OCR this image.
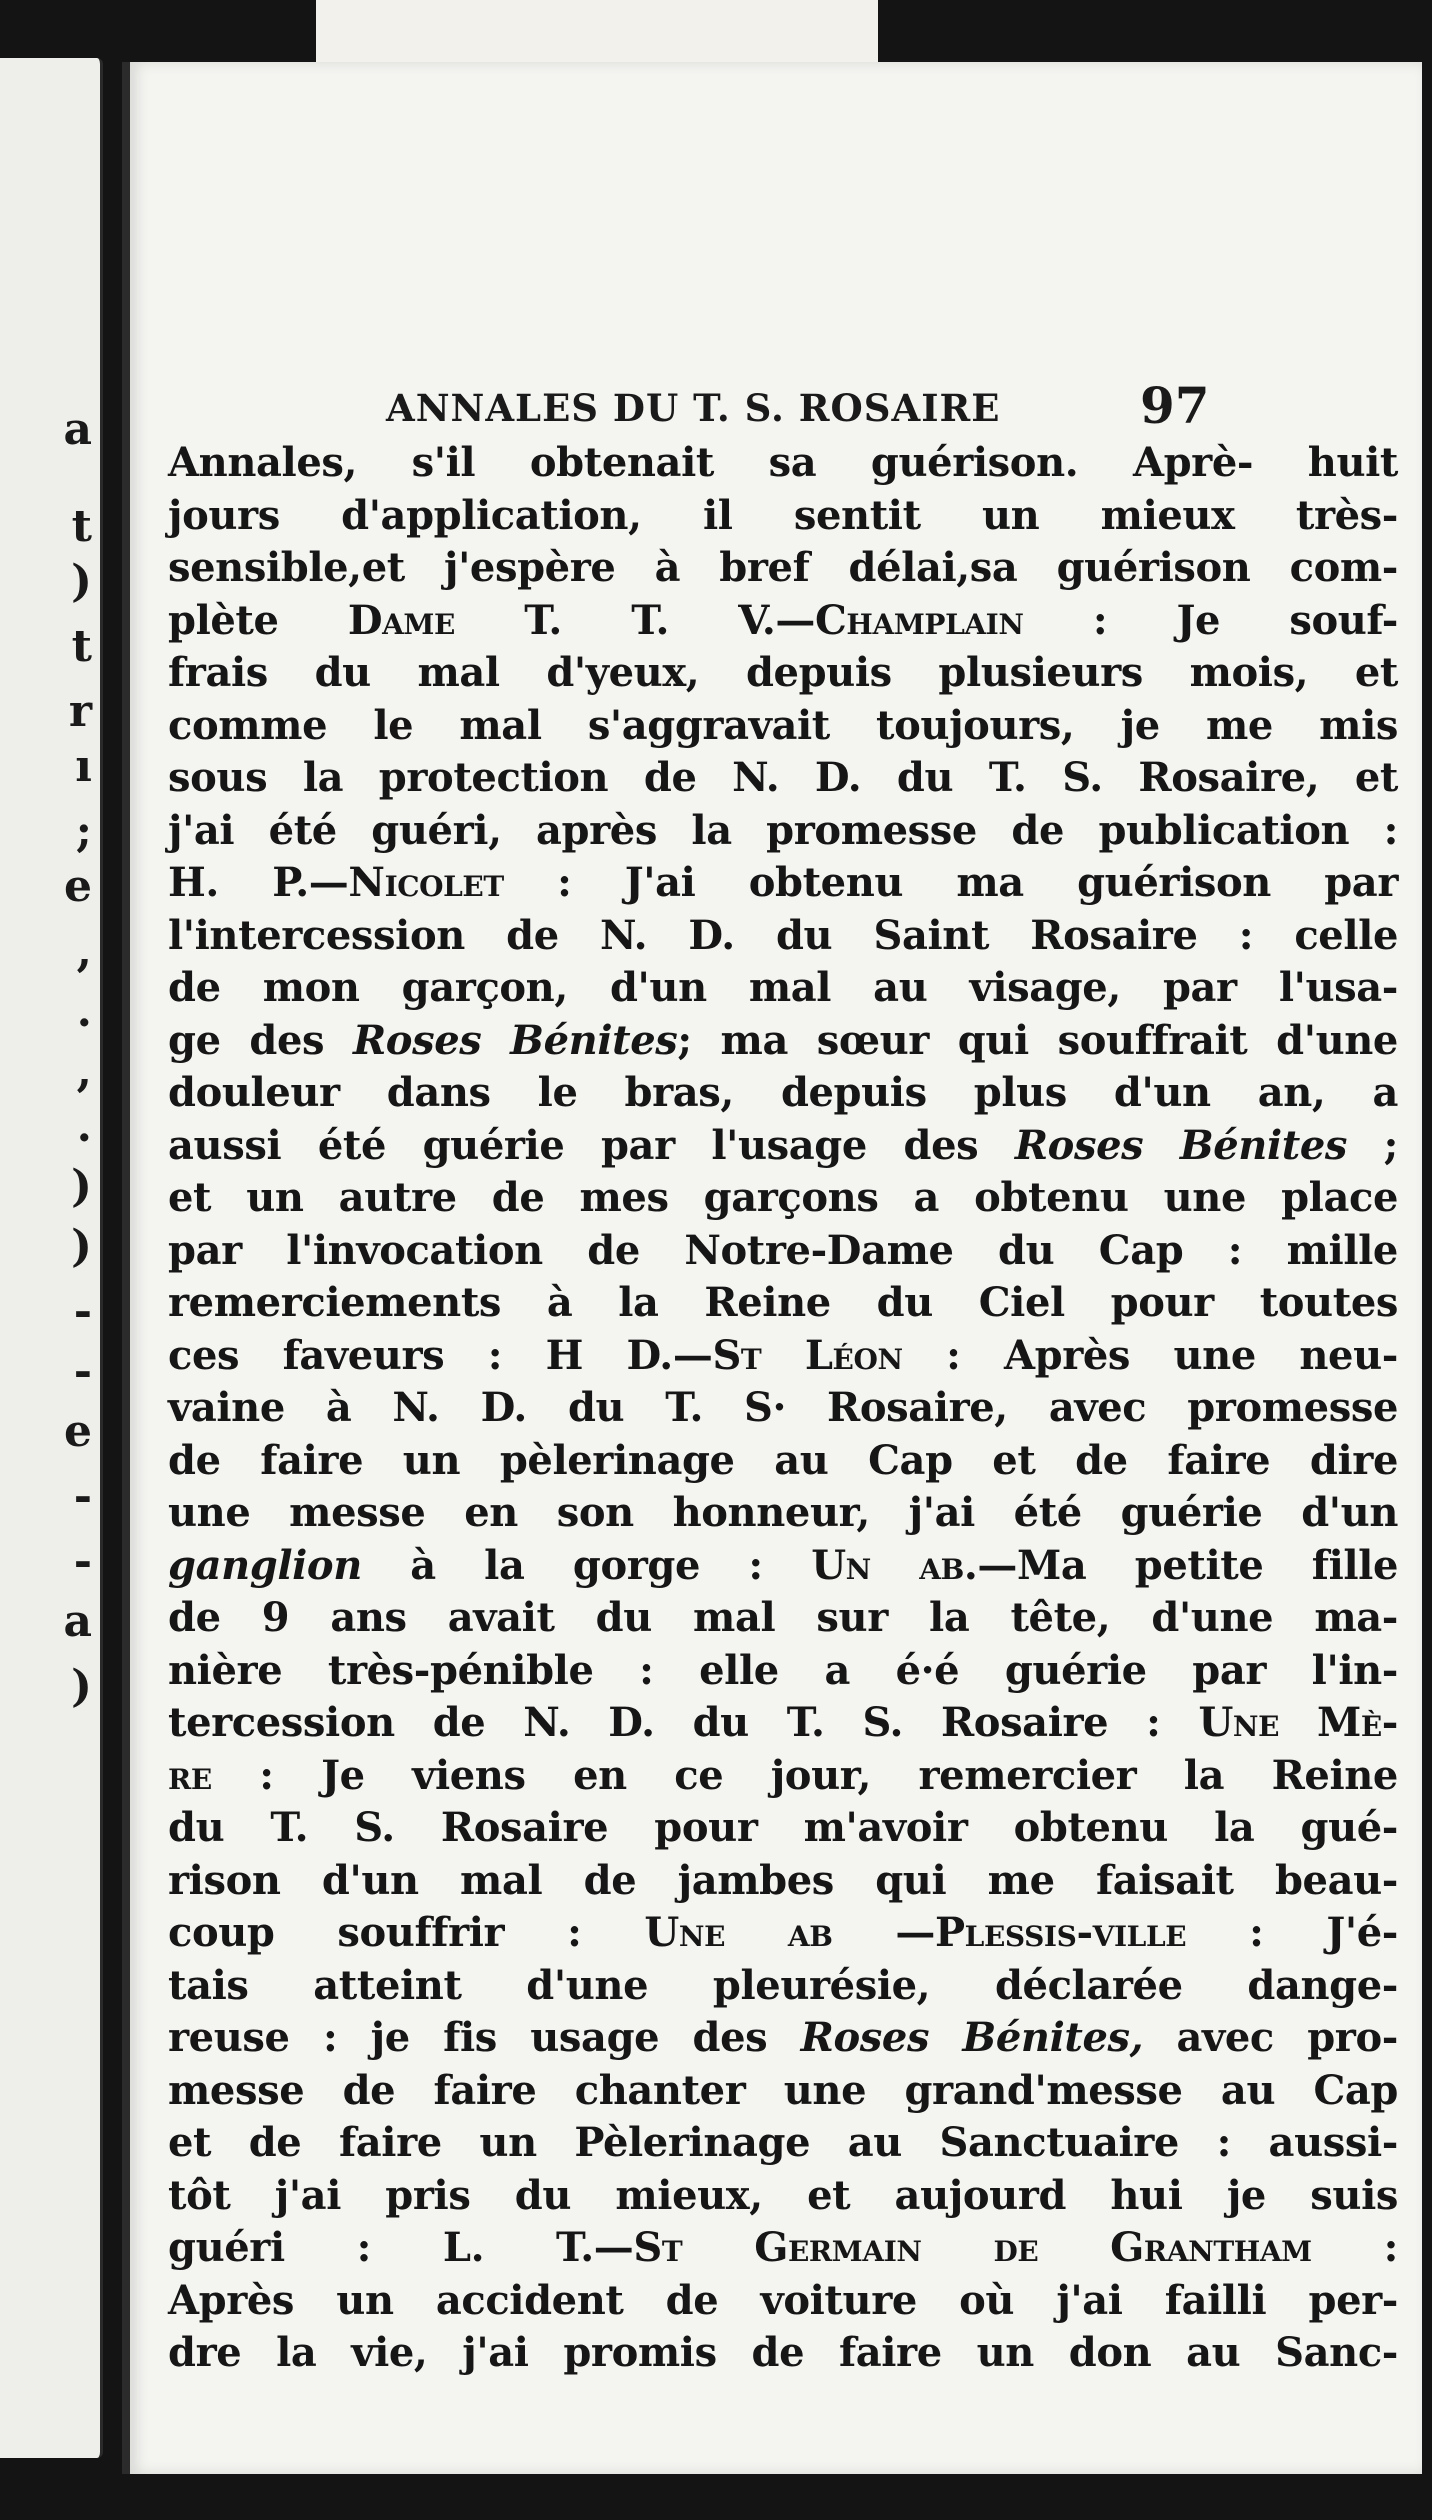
a
t
)
t
r
ı
;
e
,
.
,
.
)
)
-
-
e
-
-
a
)
ANNALES DU T. S. ROSAIRE	97
Annales, s'il obtenait sa guérison. Aprè- huit
jours d'application, il sentit un mieux très-
sensible,et j'espère à bref délai,sa guérison com-
plète Dame T. T. V.—Champlain : Je souf-
frais du mal d'yeux, depuis plusieurs mois, et
comme le mal s'aggravait toujours, je me mis
sous la protection de N. D. du T. S. Rosaire, et
j'ai été guéri, après la promesse de publication :
H. P.—Nicolet : J'ai obtenu ma guérison par
l'intercession de N. D. du Saint Rosaire : celle
de mon garçon, d'un mal au visage, par l'usa-
ge des Roses Bénites; ma sœur qui souffrait d'une
douleur dans le bras, depuis plus d'un an, a
aussi été guérie par l'usage des Roses Bénites ;
et un autre de mes garçons a obtenu une place
par l'invocation de Notre-Dame du Cap : mille
remerciements à la Reine du Ciel pour toutes
ces faveurs : H D.—St Léon : Après une neu-
vaine à N. D. du T. S· Rosaire, avec promesse
de faire un pèlerinage au Cap et de faire dire
une messe en son honneur, j'ai été guérie d'un
ganglion à la gorge : Un ab.—Ma petite fille
de 9 ans avait du mal sur la tête, d'une ma-
nière très-pénible : elle a é·é guérie par l'in-
tercession de N. D. du T. S. Rosaire : Une Mè-
re : Je viens en ce jour, remercier la Reine
du T. S. Rosaire pour m'avoir obtenu la gué-
rison d'un mal de jambes qui me faisait beau-
coup souffrir : Une ab —Plessis-ville : J'é-
tais atteint d'une pleurésie, déclarée dange-
reuse : je fis usage des Roses Bénites, avec pro-
messe de faire chanter une grand'messe au Cap
et de faire un Pèlerinage au Sanctuaire : aussi-
tôt j'ai pris du mieux, et aujourd hui je suis
guéri : L. T.—St Germain de Grantham :
Après un accident de voiture où j'ai failli per-
dre la vie, j'ai promis de faire un don au Sanc-
